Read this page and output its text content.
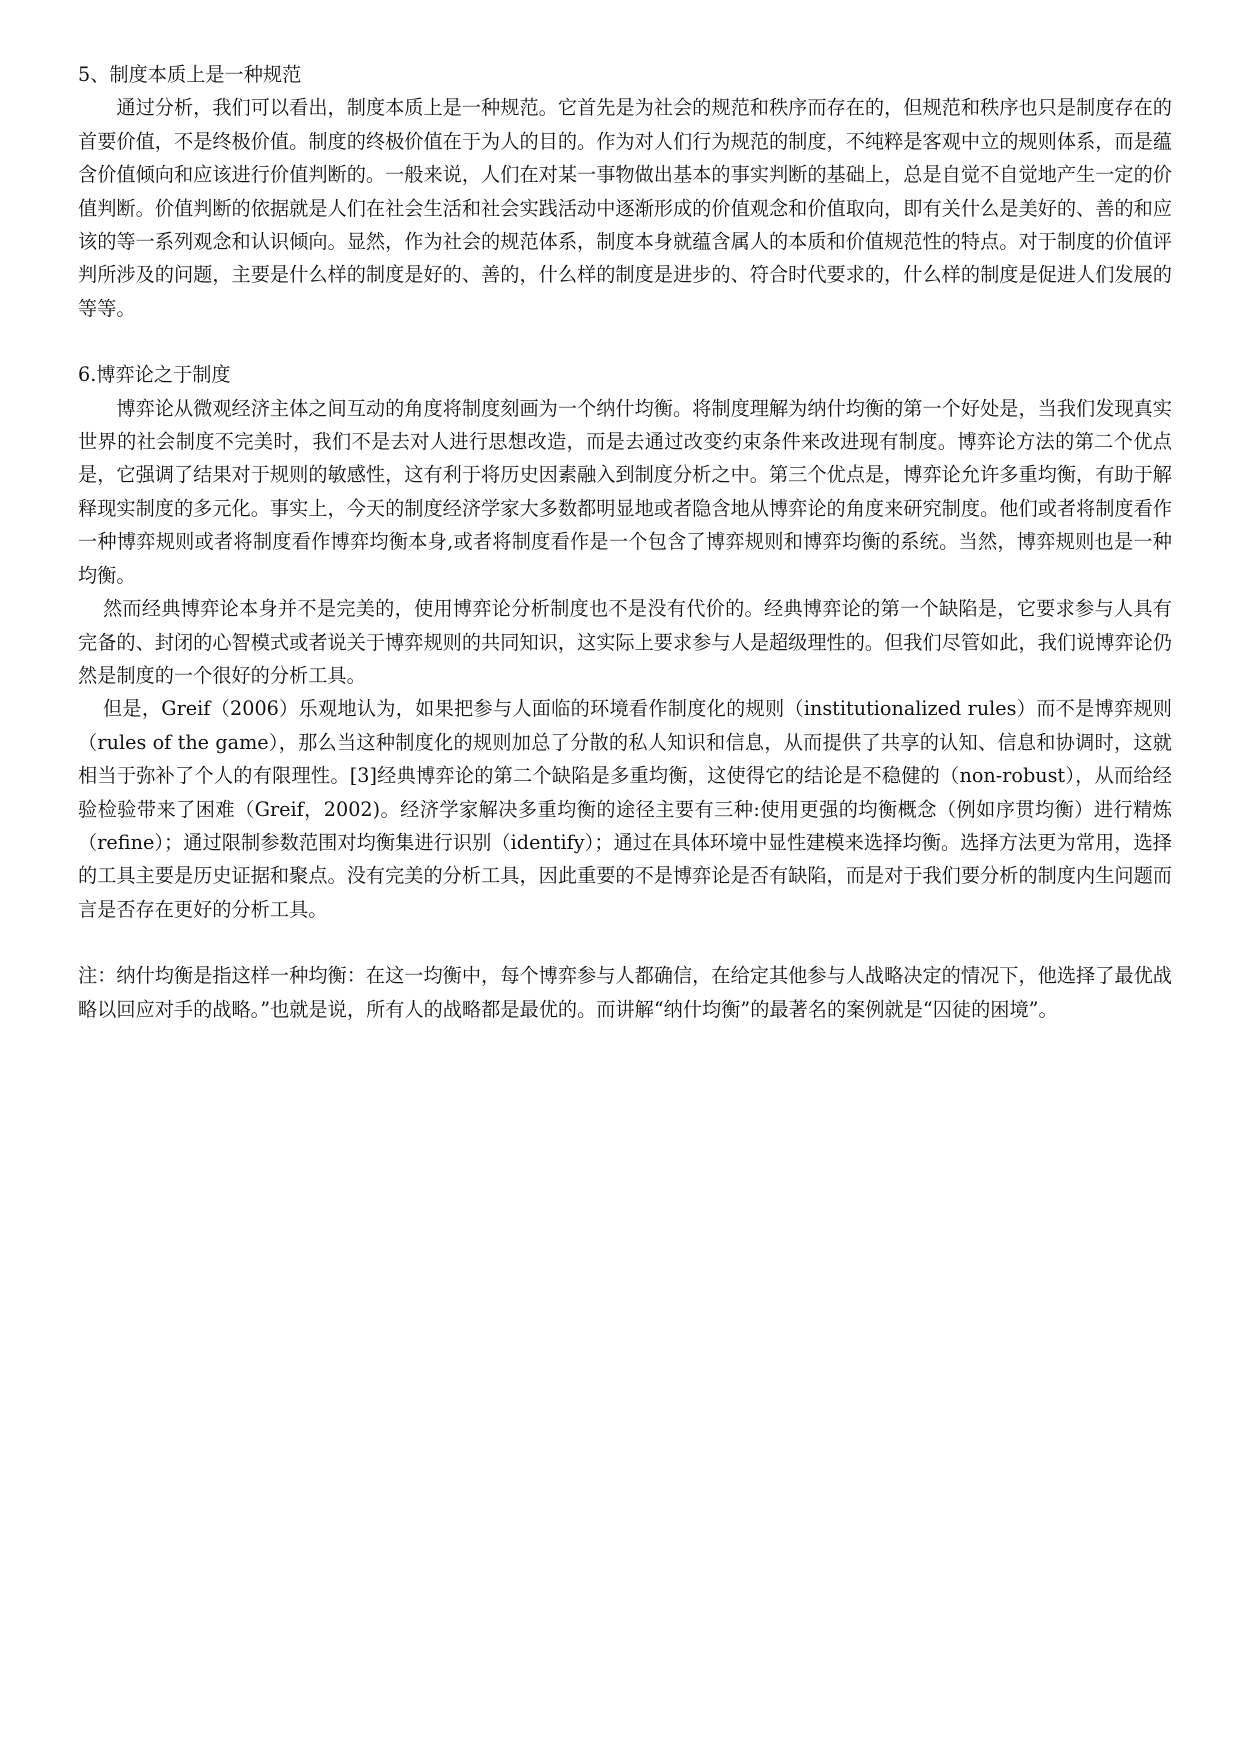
5、制度本质上是一种规范

通过分析，我们可以看出，制度本质上是一种规范。它首先是为社会的规范和秩序而存在的，但规范和秩序也只是制度存在的首要价值，不是终极价值。制度的终极价值在于为人的目的。作为对人们行为规范的制度，不纯粹是客观中立的规则体系，而是蕴含价值倾向和应该进行价值判断的。一般来说，人们在对某一事物做出基本的事实判断的基础上，总是自觉不自觉地产生一定的价值判断。价值判断的依据就是人们在社会生活和社会实践活动中逐渐形成的价值观念和价值取向，即有关什么是美好的、善的和应该的等一系列观念和认识倾向。显然，作为社会的规范体系，制度本身就蕴含属人的本质和价值规范性的特点。对于制度的价值评判所涉及的问题，主要是什么样的制度是好的、善的，什么样的制度是进步的、符合时代要求的，什么样的制度是促进人们发展的等等。

6.博弈论之于制度

博弈论从微观经济主体之间互动的角度将制度刻画为一个纳什均衡。将制度理解为纳什均衡的第一个好处是，当我们发现真实世界的社会制度不完美时，我们不是去对人进行思想改造，而是去通过改变约束条件来改进现有制度。博弈论方法的第二个优点是，它强调了结果对于规则的敏感性，这有利于将历史因素融入到制度分析之中。第三个优点是，博弈论允许多重均衡，有助于解释现实制度的多元化。事实上，今天的制度经济学家大多数都明显地或者隐含地从博弈论的角度来研究制度。他们或者将制度看作一种博弈规则或者将制度看作博弈均衡本身,或者将制度看作是一个包含了博弈规则和博弈均衡的系统。当然，博弈规则也是一种均衡。

然而经典博弈论本身并不是完美的，使用博弈论分析制度也不是没有代价的。经典博弈论的第一个缺陷是，它要求参与人具有完备的、封闭的心智模式或者说关于博弈规则的共同知识，这实际上要求参与人是超级理性的。但我们尽管如此，我们说博弈论仍然是制度的一个很好的分析工具。

但是，Greif（2006）乐观地认为，如果把参与人面临的环境看作制度化的规则（institutionalized rules）而不是博弈规则（rules of the game），那么当这种制度化的规则加总了分散的私人知识和信息，从而提供了共享的认知、信息和协调时，这就相当于弥补了个人的有限理性。[3]经典博弈论的第二个缺陷是多重均衡，这使得它的结论是不稳健的（non-robust），从而给经验检验带来了困难（Greif，2002)。经济学家解决多重均衡的途径主要有三种:使用更强的均衡概念（例如序贯均衡）进行精炼（refine）；通过限制参数范围对均衡集进行识别（identify）；通过在具体环境中显性建模来选择均衡。选择方法更为常用，选择的工具主要是历史证据和聚点。没有完美的分析工具，因此重要的不是博弈论是否有缺陷，而是对于我们要分析的制度内生问题而言是否存在更好的分析工具。

注：纳什均衡是指这样一种均衡：在这一均衡中，每个博弈参与人都确信，在给定其他参与人战略决定的情况下，他选择了最优战略以回应对手的战略。”也就是说，所有人的战略都是最优的。而讲解“纳什均衡”的最著名的案例就是“囚徒的困境”。
